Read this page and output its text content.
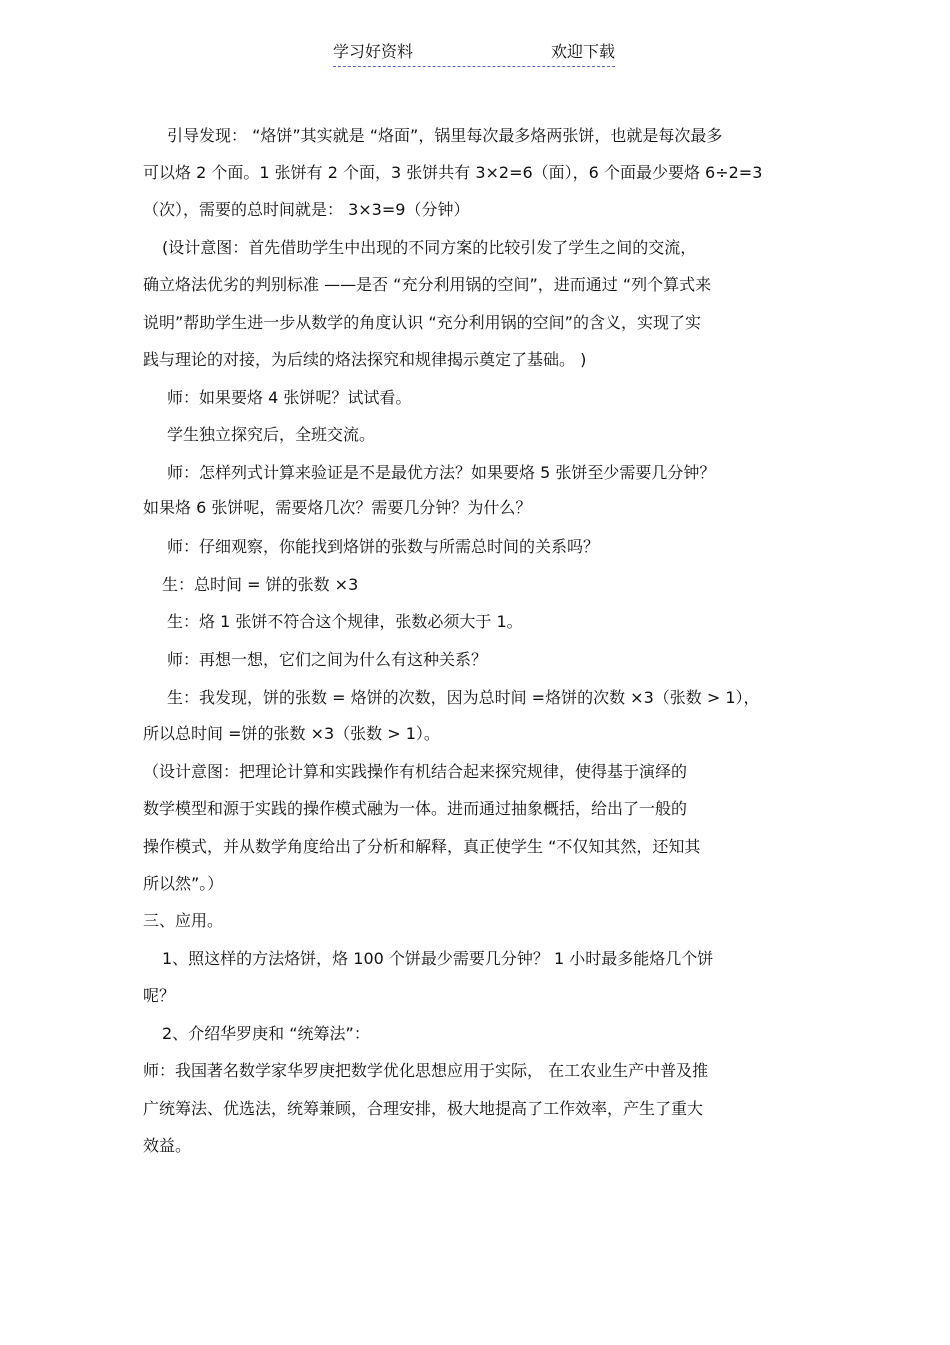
学习好资料	欢迎下载
引导发现： “烙饼”其实就是 “烙面”，锅里每次最多烙两张饼，也就是每次最多
可以烙 2 个面。1 张饼有 2 个面，3 张饼共有 3×2=6（面），6 个面最少要烙 6÷2=3
（次），需要的总时间就是： 3×3=9（分钟）
(设计意图：首先借助学生中出现的不同方案的比较引发了学生之间的交流，
确立烙法优劣的判别标准 ——是否 “充分利用锅的空间”，进而通过 “列个算式来
说明”帮助学生进一步从数学的角度认识 “充分利用锅的空间”的含义，实现了实
践与理论的对接，为后续的烙法探究和规律揭示奠定了基础。 )
师：如果要烙 4 张饼呢？试试看。
学生独立探究后，全班交流。
师：怎样列式计算来验证是不是最优方法？如果要烙 5 张饼至少需要几分钟？
如果烙 6 张饼呢，需要烙几次？需要几分钟？为什么？
师：仔细观察，你能找到烙饼的张数与所需总时间的关系吗？
生：总时间 = 饼的张数 ×3
生：烙 1 张饼不符合这个规律，张数必须大于 1。
师：再想一想，它们之间为什么有这种关系？
生：我发现，饼的张数 = 烙饼的次数，因为总时间 =烙饼的次数 ×3（张数 > 1），
所以总时间 =饼的张数 ×3（张数 > 1）。
（设计意图：把理论计算和实践操作有机结合起来探究规律，使得基于演绎的
数学模型和源于实践的操作模式融为一体。进而通过抽象概括，给出了一般的
操作模式，并从数学角度给出了分析和解释，真正使学生 “不仅知其然，还知其
所以然”。）
三、应用。
1、照这样的方法烙饼，烙 100 个饼最少需要几分钟？ 1 小时最多能烙几个饼
呢？
2、介绍华罗庚和 “统筹法”：
师：我国著名数学家华罗庚把数学优化思想应用于实际， 在工农业生产中普及推
广统筹法、优选法，统筹兼顾，合理安排，极大地提高了工作效率，产生了重大
效益。
